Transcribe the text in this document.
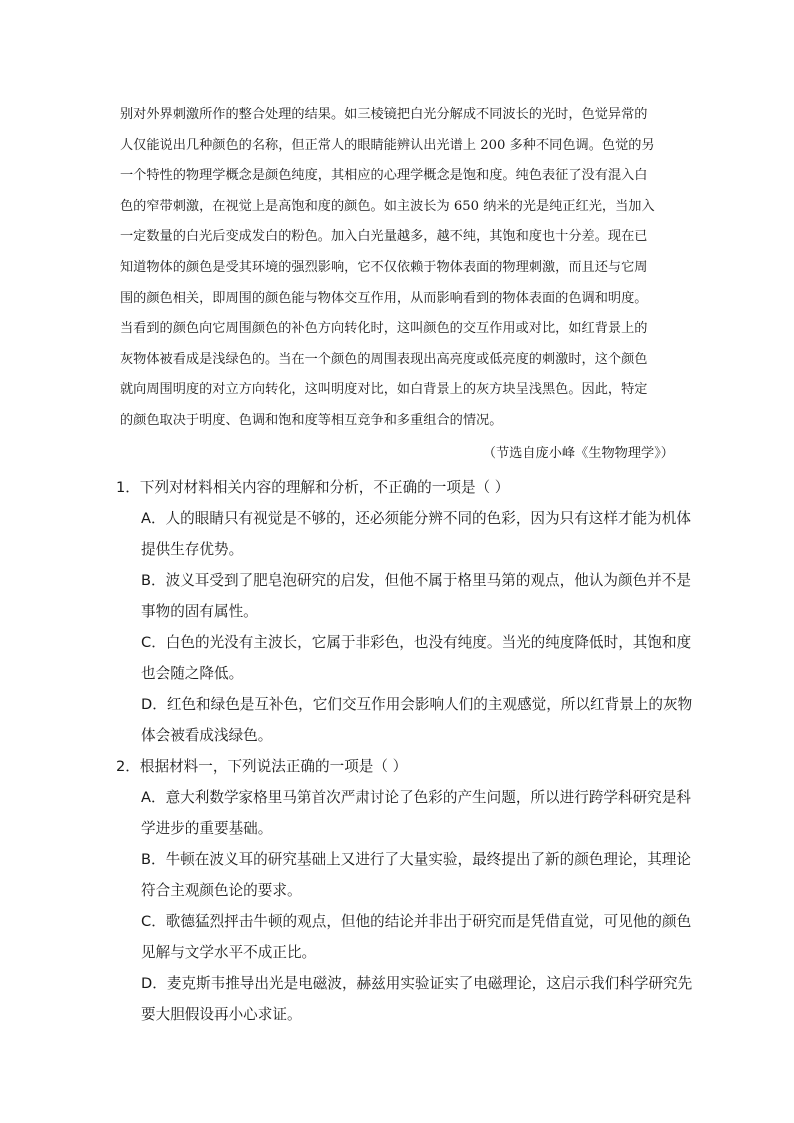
别对外界刺激所作的整合处理的结果。如三棱镜把白光分解成不同波长的光时，色觉异常的
人仅能说出几种颜色的名称，但正常人的眼睛能辨认出光谱上 200 多种不同色调。色觉的另
一个特性的物理学概念是颜色纯度，其相应的心理学概念是饱和度。纯色表征了没有混入白
色的窄带刺激，在视觉上是高饱和度的颜色。如主波长为 650 纳米的光是纯正红光，当加入
一定数量的白光后变成发白的粉色。加入白光量越多，越不纯，其饱和度也十分差。现在已
知道物体的颜色是受其环境的强烈影响，它不仅依赖于物体表面的物理刺激，而且还与它周
围的颜色相关，即周围的颜色能与物体交互作用，从而影响看到的物体表面的色调和明度。
当看到的颜色向它周围颜色的补色方向转化时，这叫颜色的交互作用或对比，如红背景上的
灰物体被看成是浅绿色的。当在一个颜色的周围表现出高亮度或低亮度的刺激时，这个颜色
就向周围明度的对立方向转化，这叫明度对比，如白背景上的灰方块呈浅黑色。因此，特定
的颜色取决于明度、色调和饱和度等相互竞争和多重组合的情况。
（节选自庞小峰《生物物理学》）
1．下列对材料相关内容的理解和分析，不正确的一项是（ ）
A．人的眼睛只有视觉是不够的，还必须能分辨不同的色彩，因为只有这样才能为机体
提供生存优势。
B．波义耳受到了肥皂泡研究的启发，但他不属于格里马第的观点，他认为颜色并不是
事物的固有属性。
C．白色的光没有主波长，它属于非彩色，也没有纯度。当光的纯度降低时，其饱和度
也会随之降低。
D．红色和绿色是互补色，它们交互作用会影响人们的主观感觉，所以红背景上的灰物
体会被看成浅绿色。
2．根据材料一，下列说法正确的一项是（ ）
A．意大利数学家格里马第首次严肃讨论了色彩的产生问题，所以进行跨学科研究是科
学进步的重要基础。
B．牛顿在波义耳的研究基础上又进行了大量实验，最终提出了新的颜色理论，其理论
符合主观颜色论的要求。
C．歌德猛烈抨击牛顿的观点，但他的结论并非出于研究而是凭借直觉，可见他的颜色
见解与文学水平不成正比。
D．麦克斯韦推导出光是电磁波，赫兹用实验证实了电磁理论，这启示我们科学研究先
要大胆假设再小心求证。
